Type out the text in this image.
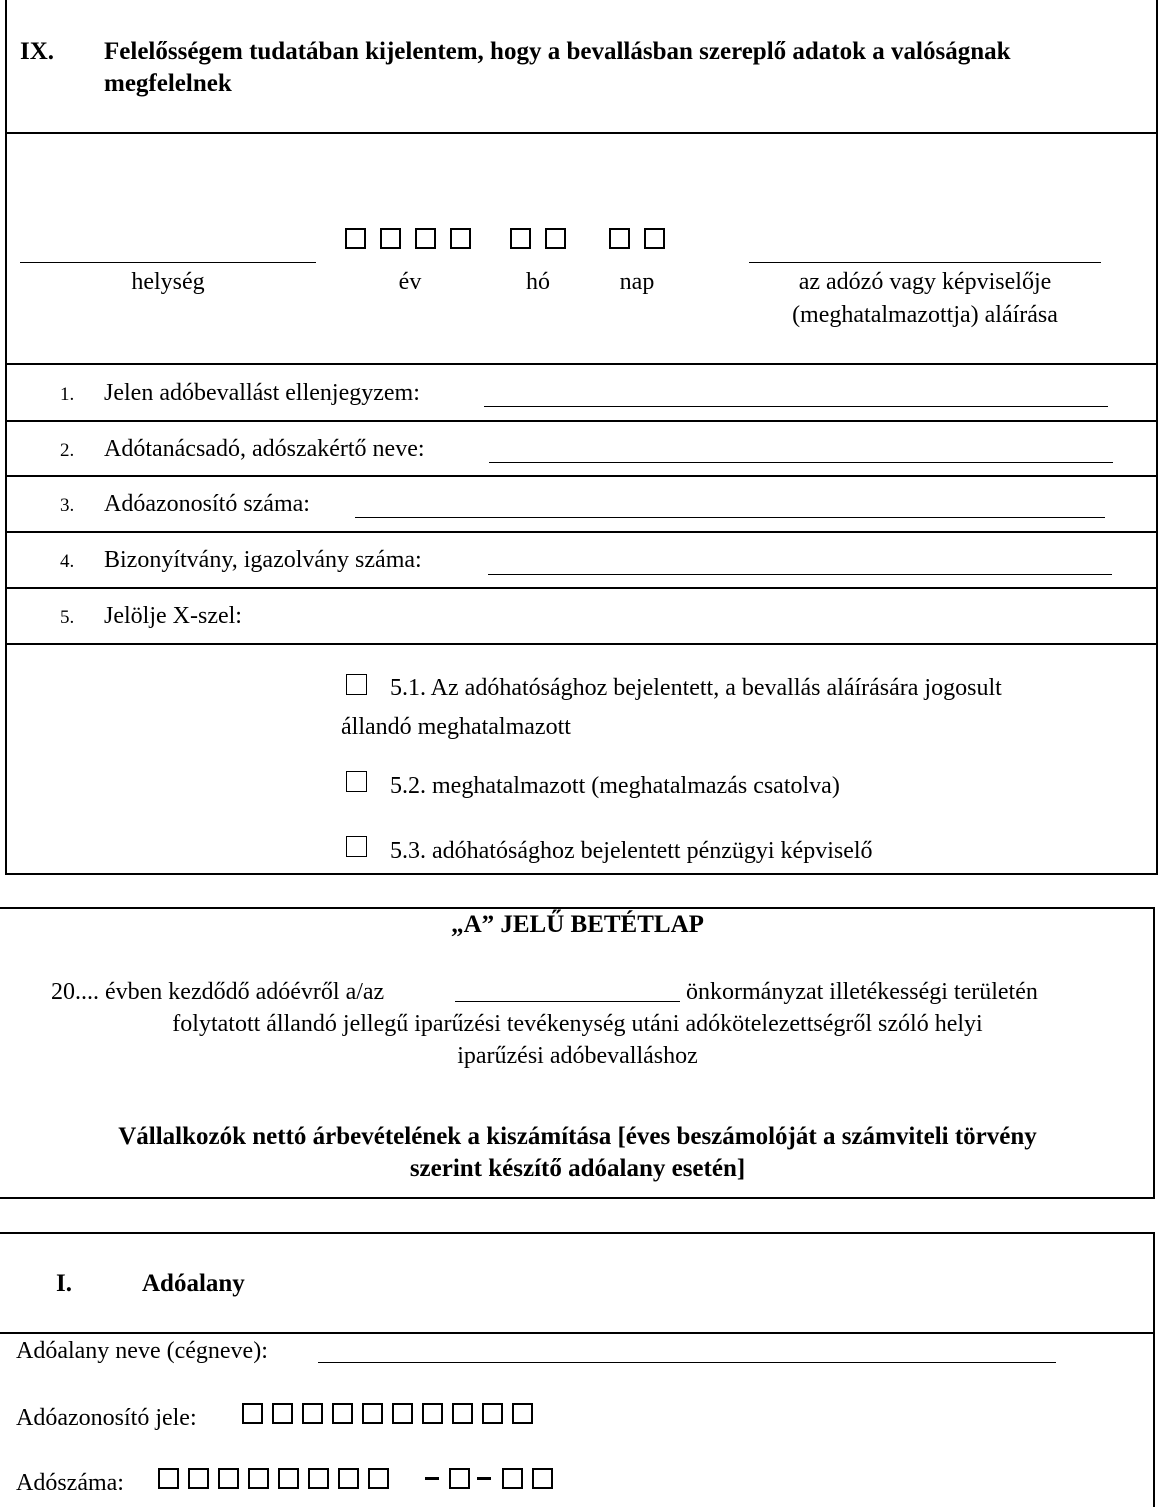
IX. Felelősségem tudatában kijelentem, hogy a bevallásban szereplő adatok a valóságnak
megfelelnek
helység	év	hó	nap	az adózó vagy képviselője
(meghatalmazottja) aláírása
1. Jelen adóbevallást ellenjegyzem:
2. Adótanácsadó, adószakértő neve:
3. Adóazonosító száma:
4. Bizonyítvány, igazolvány száma:
5. Jelölje X-szel:
5.1. Az adóhatósághoz bejelentett, a bevallás aláírására jogosult
állandó meghatalmazott
5.2. meghatalmazott (meghatalmazás csatolva)
5.3. adóhatósághoz bejelentett pénzügyi képviselő
„A” JELŰ BETÉTLAP
20.... évben kezdődő adóévről a/az	önkormányzat illetékességi területén
folytatott állandó jellegű iparűzési tevékenység utáni adókötelezettségről szóló helyi
iparűzési adóbevalláshoz
Vállalkozók nettó árbevételének a kiszámítása [éves beszámolóját a számviteli törvény
szerint készítő adóalany esetén]
I.	Adóalany
Adóalany neve (cégneve):
Adóazonosító jele:
Adószáma:
